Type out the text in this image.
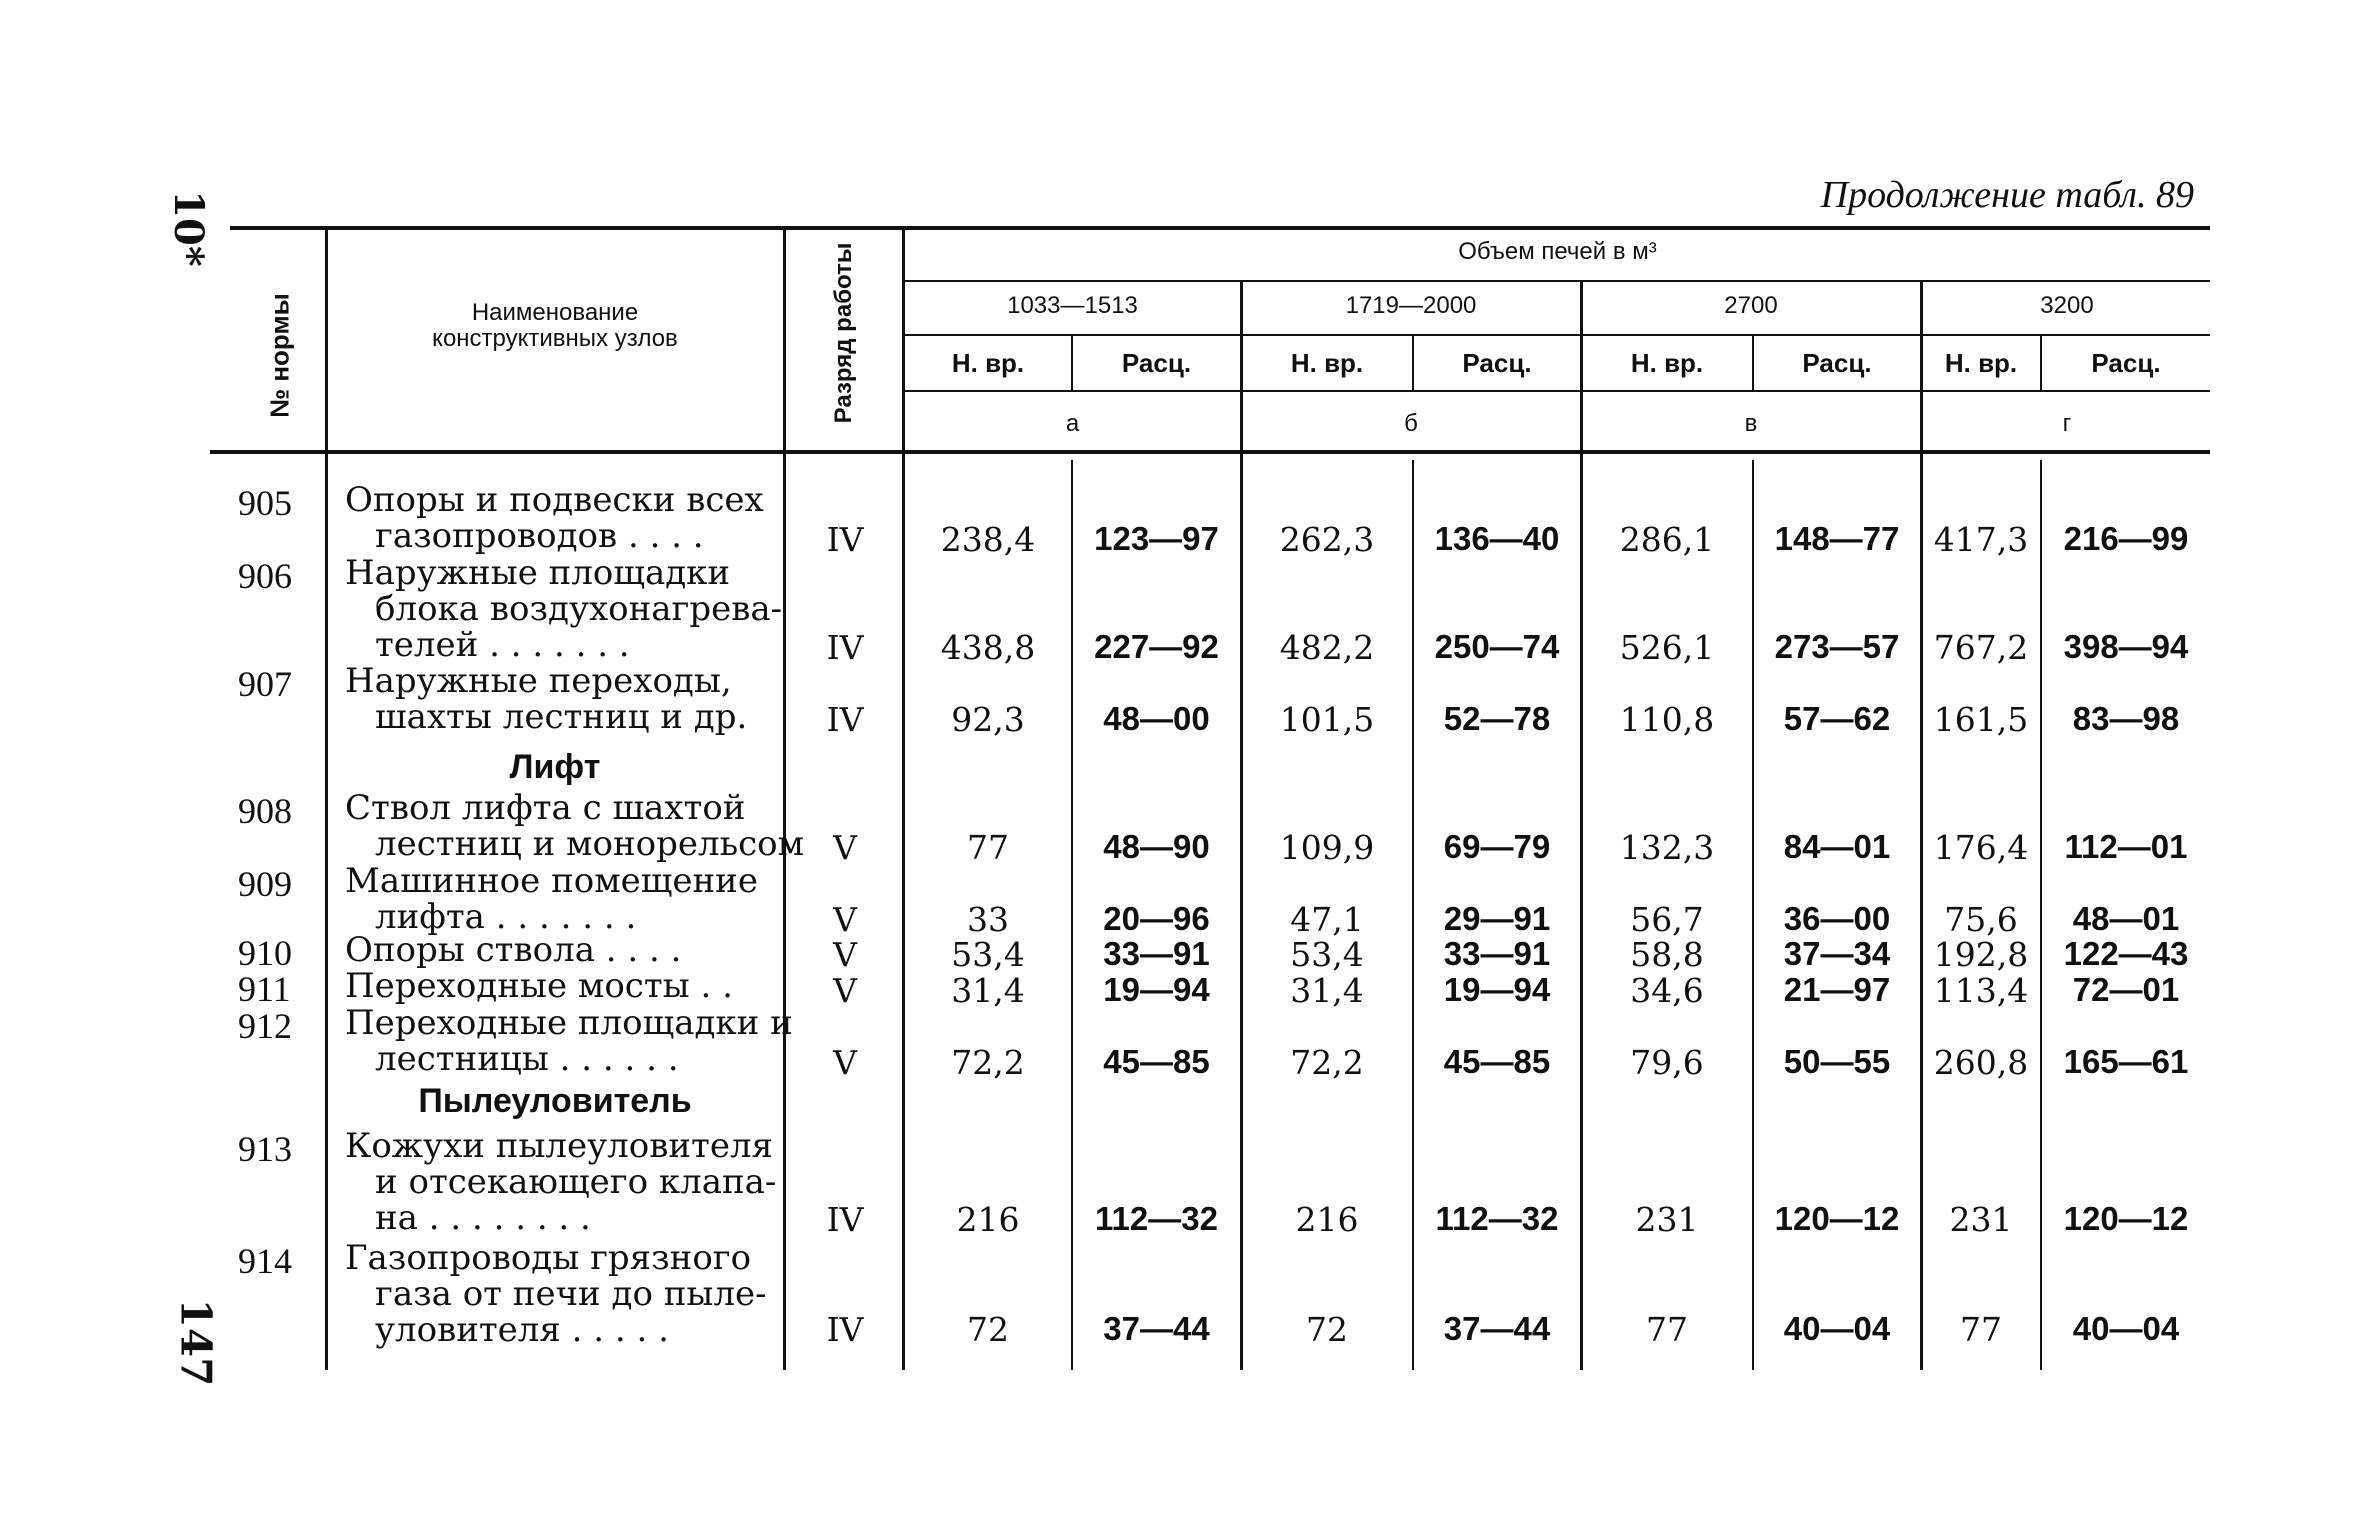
10*
147
Продолжение табл. 89
№ нормы	Наименование конструктивных узлов	Разряд работы	Объем печей в м³
1033—1513	1719—2000	2700	3200
Н. вр.	Расц.	Н. вр.	Расц.	Н. вр.	Расц.	Н. вр.	Расц.
а	б	в	г
Лифт
Пылеуловитель
905 Опоры и подвески всех
газопроводов . . . .	IV	238,4	123—97	262,3	136—40	286,1	148—77	417,3	216—99
906 Наружные площадки
блока воздухонагрева-
телей . . . . . . .	IV	438,8	227—92	482,2	250—74	526,1	273—57	767,2	398—94
907 Наружные переходы,
шахты лестниц и др.	IV	92,3	48—00	101,5	52—78	110,8	57—62	161,5	83—98
908 Ствол лифта с шахтой
лестниц и монорельсом V	77	48—90	109,9	69—79	132,3	84—01	176,4	112—01
909 Машинное помещение
лифта . . . . . . .	V	33	20—96	47,1	29—91	56,7	36—00	75,6	48—01
910 Опоры ствола . . . .	V	53,4	33—91	53,4	33—91	58,8	37—34	192,8	122—43
911 Переходные мосты . .	V	31,4	19—94	31,4	19—94	34,6	21—97	113,4	72—01
912 Переходные площадки и
лестницы . . . . . .	V	72,2	45—85	72,2	45—85	79,6	50—55	260,8	165—61
913 Кожухи пылеуловителя
и отсекающего клапа-
на . . . . . . . .	IV	216	112—32	216	112—32	231	120—12	231	120—12
914 Газопроводы грязного
газа от печи до пыле-
уловителя . . . . .	IV	72	37—44	72	37—44	77	40—04	77	40—04
